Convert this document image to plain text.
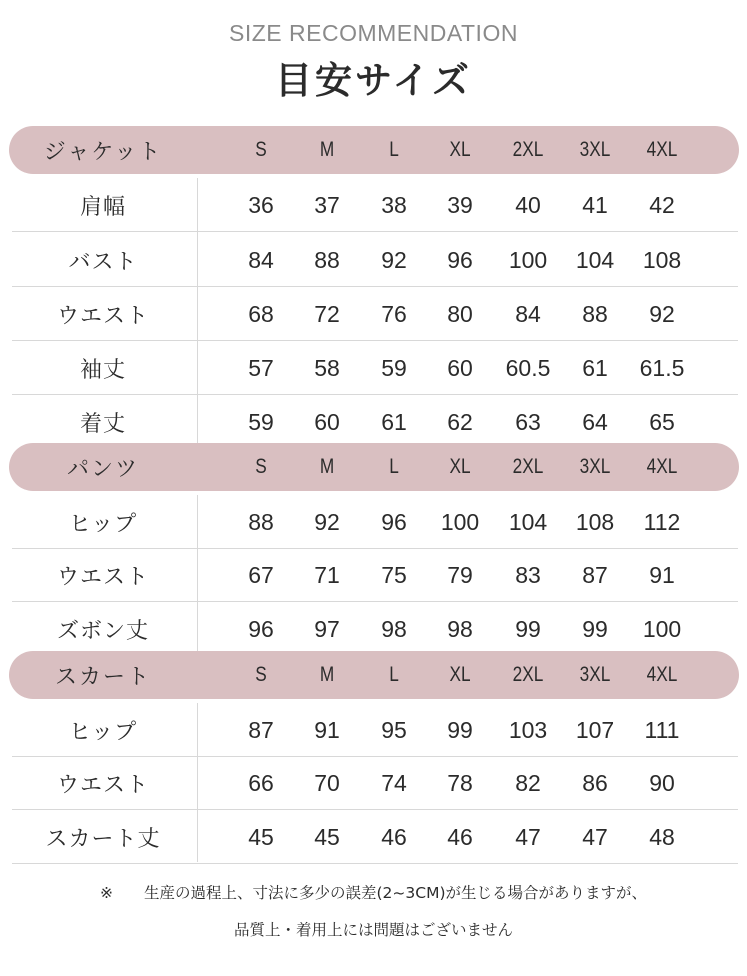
SIZE RECOMMENDATION
目安サイズ
ジャケット	S	M	L	XL	2XL	3XL	4XL
肩幅	36	37	38	39	40	41	42
バスト	84	88	92	96	100	104	108
ウエスト	68	72	76	80	84	88	92
袖丈	57	58	59	60	60.5	61	61.5
着丈	59	60	61	62	63	64	65
パンツ	S	M	L	XL	2XL	3XL	4XL
ヒップ	88	92	96	100	104	108	112
ウエスト	67	71	75	79	83	87	91
ズボン丈	96	97	98	98	99	99	100
スカート	S	M	L	XL	2XL	3XL	4XL
ヒップ	87	91	95	99	103	107	111
ウエスト	66	70	74	78	82	86	90
スカート丈	45	45	46	46	47	47	48
※　　生産の過程上、寸法に多少の誤差(2~3CM)が生じる場合がありますが、
品質上・着用上には問題はございません
